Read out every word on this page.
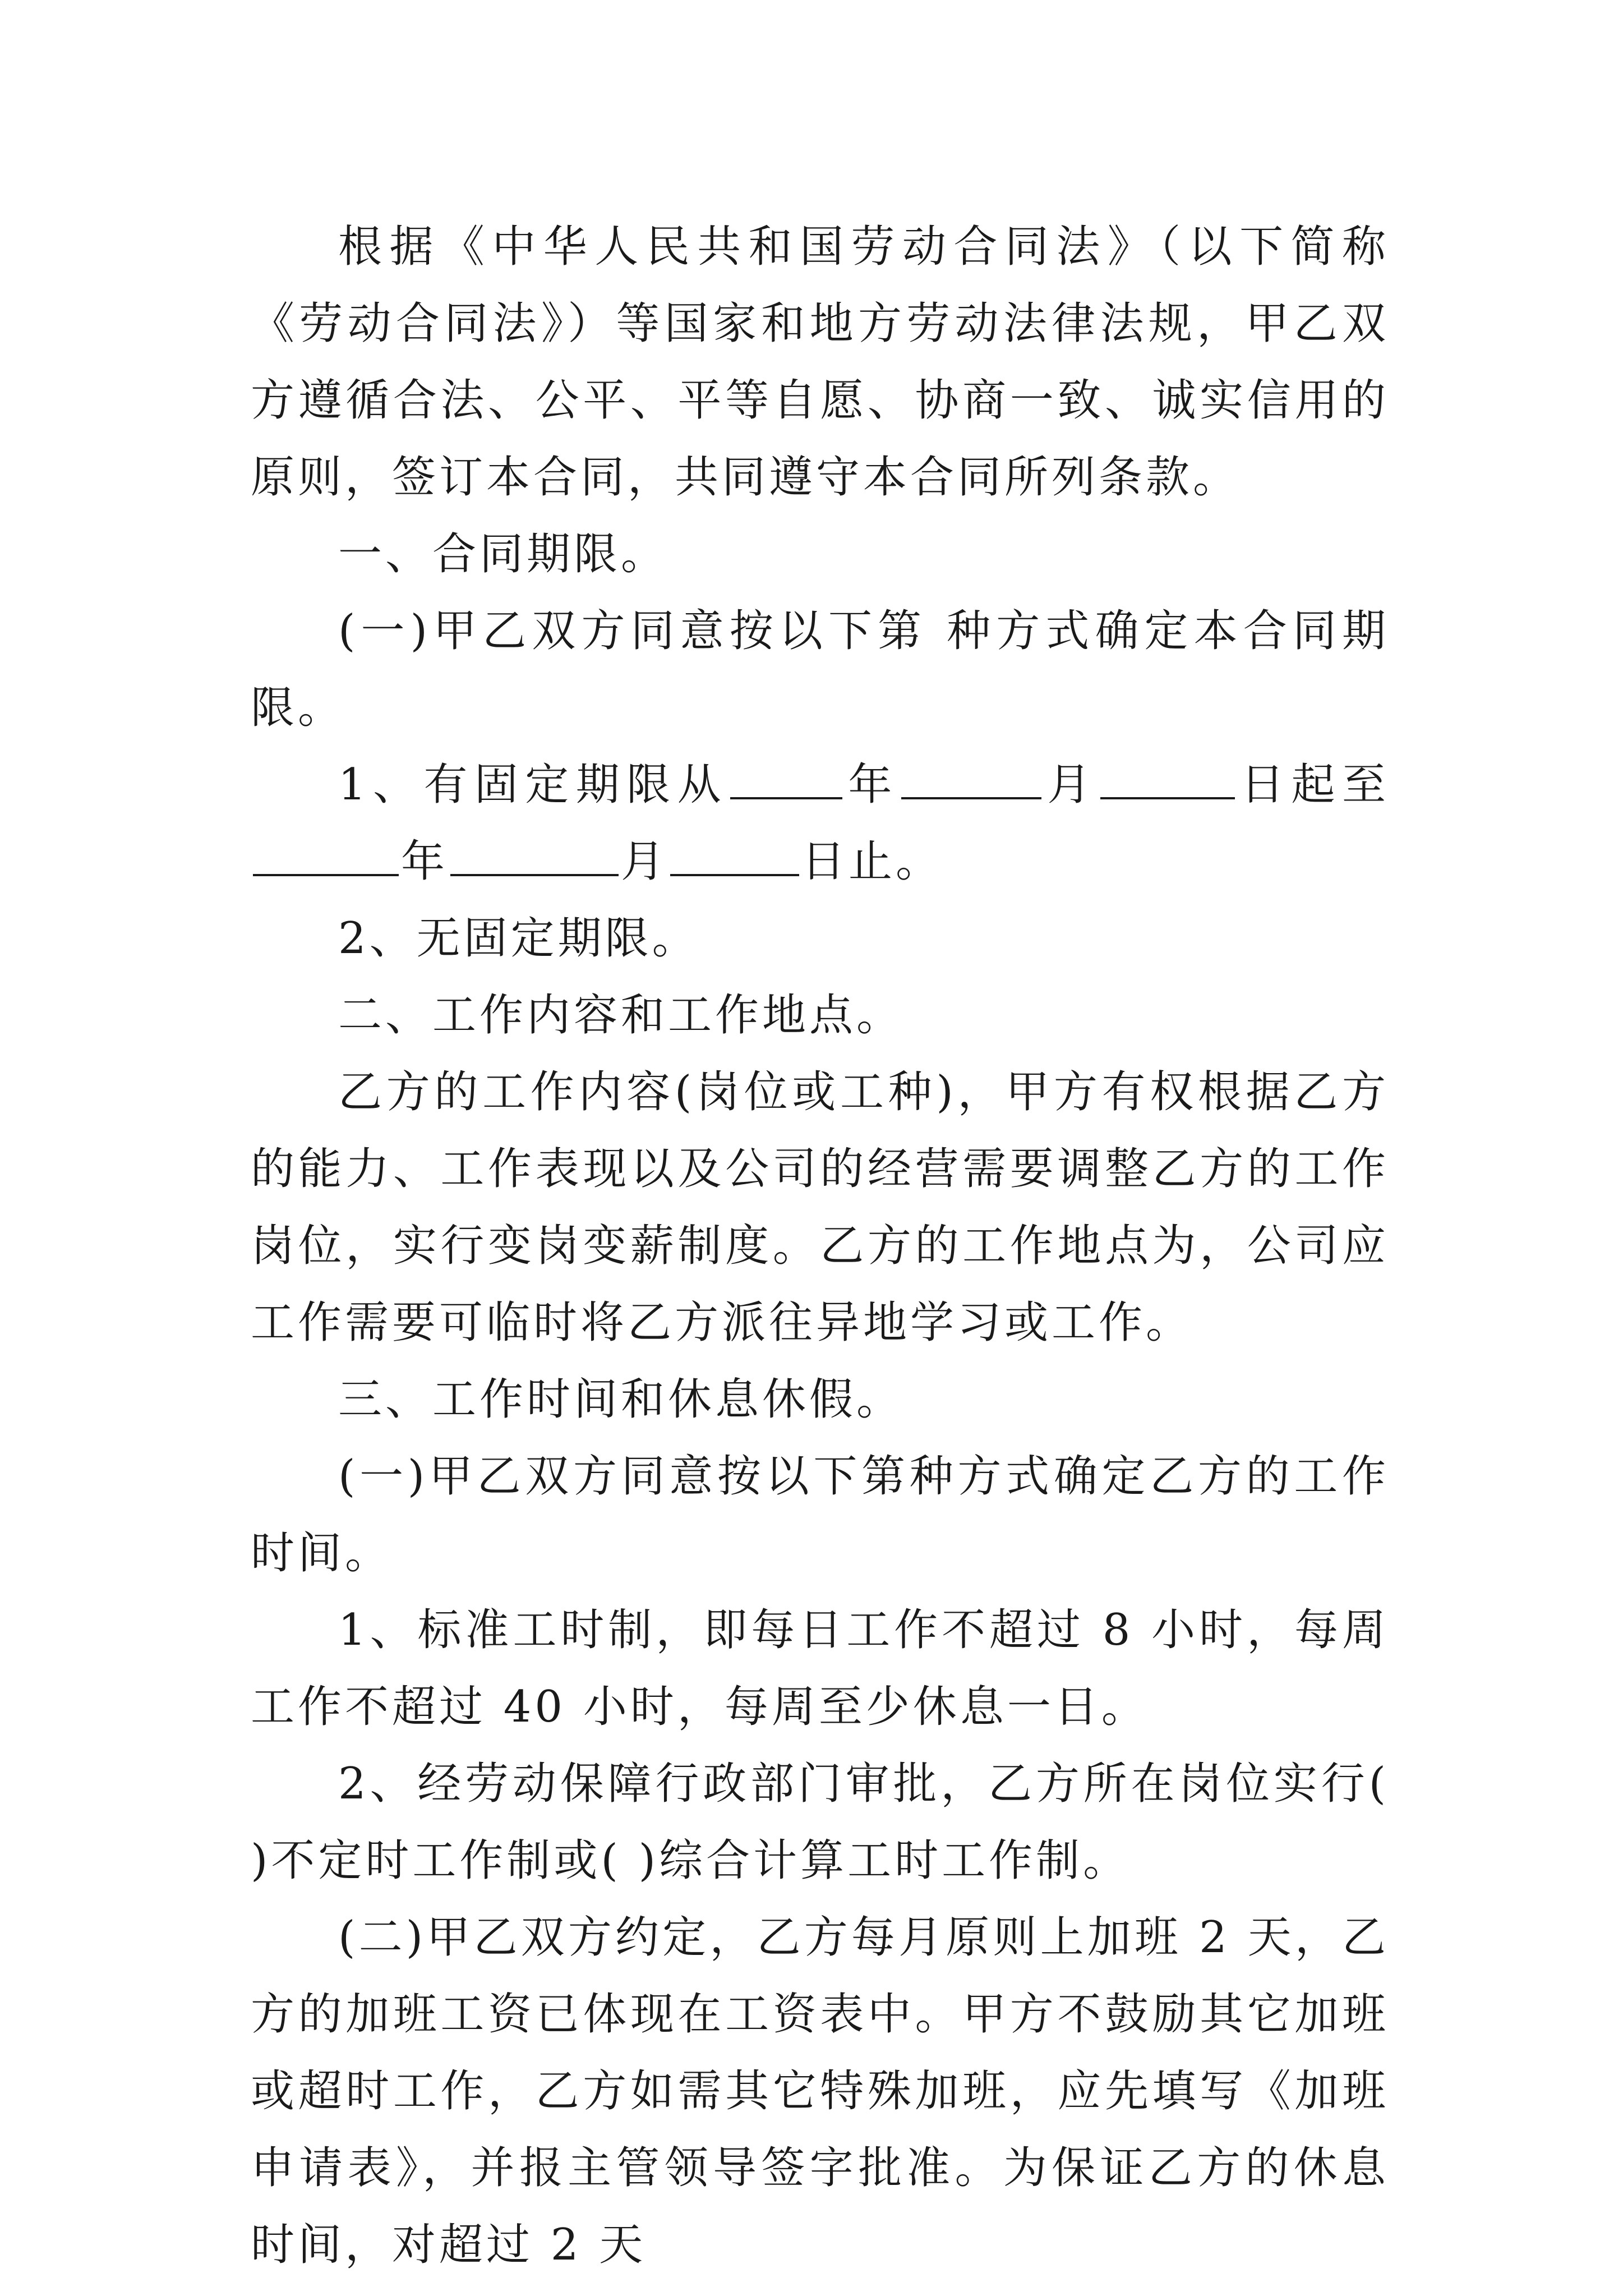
根据《中华人民共和国劳动合同法》（以下简称《劳动合同法》）等国家和地方劳动法律法规，甲乙双方遵循合法、公平、平等自愿、协商一致、诚实信用的原则，签订本合同，共同遵守本合同所列条款。

一、合同期限。

(一)甲乙双方同意按以下第 种方式确定本合同期限。

1、有固定期限从	年	月	日起至年	月	日止。

2、无固定期限。

二、工作内容和工作地点。

乙方的工作内容(岗位或工种)，甲方有权根据乙方的能力、工作表现以及公司的经营需要调整乙方的工作岗位，实行变岗变薪制度。乙方的工作地点为，公司应工作需要可临时将乙方派往异地学习或工作。

三、工作时间和休息休假。

(一)甲乙双方同意按以下第种方式确定乙方的工作时间。

1、标准工时制，即每日工作不超过 8 小时，每周工作不超过 40 小时，每周至少休息一日。

2、经劳动保障行政部门审批，乙方所在岗位实行( )不定时工作制或( )综合计算工时工作制。

(二)甲乙双方约定，乙方每月原则上加班 2 天，乙方的加班工资已体现在工资表中。甲方不鼓励其它加班或超时工作，乙方如需其它特殊加班，应先填写《加班申请表》，并报主管领导签字批准。为保证乙方的休息时间，对超过 2 天
